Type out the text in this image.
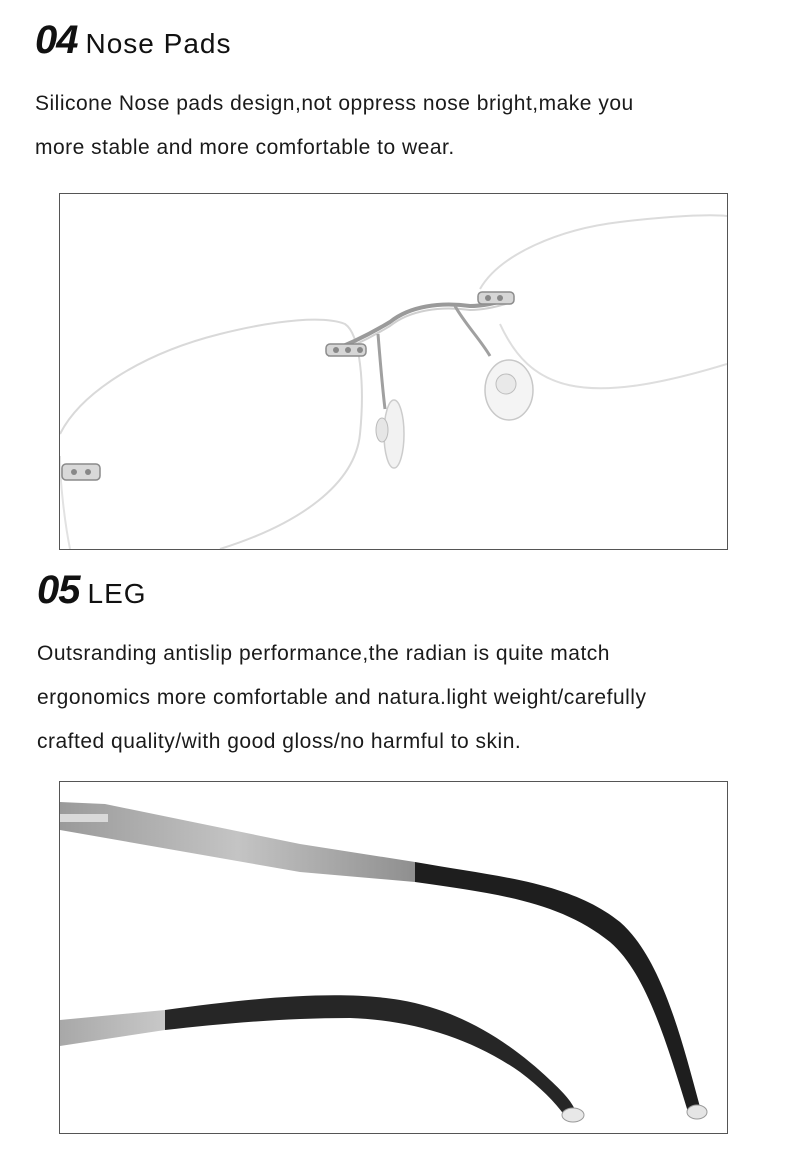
04 Nose Pads

Silicone Nose pads design,not oppress nose bright,make you
more stable and more comfortable to wear.

05 LEG

Outsranding antislip performance,the radian is quite match
ergonomics more comfortable and natura.light weight/carefully
crafted quality/with good gloss/no harmful to skin.
